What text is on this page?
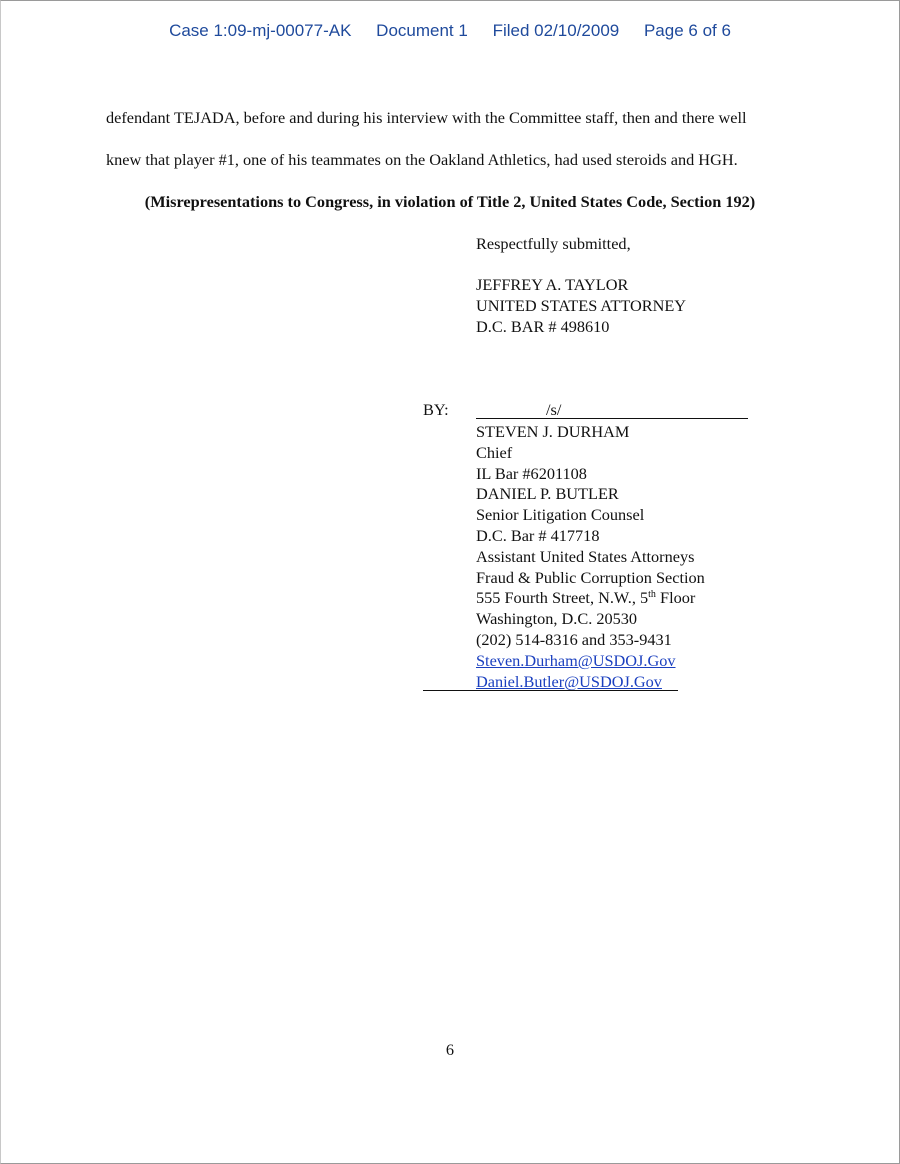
Case 1:09-mj-00077-AK Document 1 Filed 02/10/2009 Page 6 of 6
defendant TEJADA, before and during his interview with the Committee staff, then and there well
knew that player #1, one of his teammates on the Oakland Athletics, had used steroids and HGH.
(Misrepresentations to Congress, in violation of Title 2, United States Code, Section 192)
Respectfully submitted,
JEFFREY A. TAYLOR
UNITED STATES ATTORNEY
D.C. BAR # 498610
BY:	/s/
STEVEN J. DURHAM
Chief
IL Bar #6201108
DANIEL P. BUTLER
Senior Litigation Counsel
D.C. Bar # 417718
Assistant United States Attorneys
Fraud & Public Corruption Section
555 Fourth Street, N.W., 5th Floor
Washington, D.C. 20530
(202) 514-8316 and 353-9431
Steven.Durham@USDOJ.Gov
Daniel.Butler@USDOJ.Gov
6
